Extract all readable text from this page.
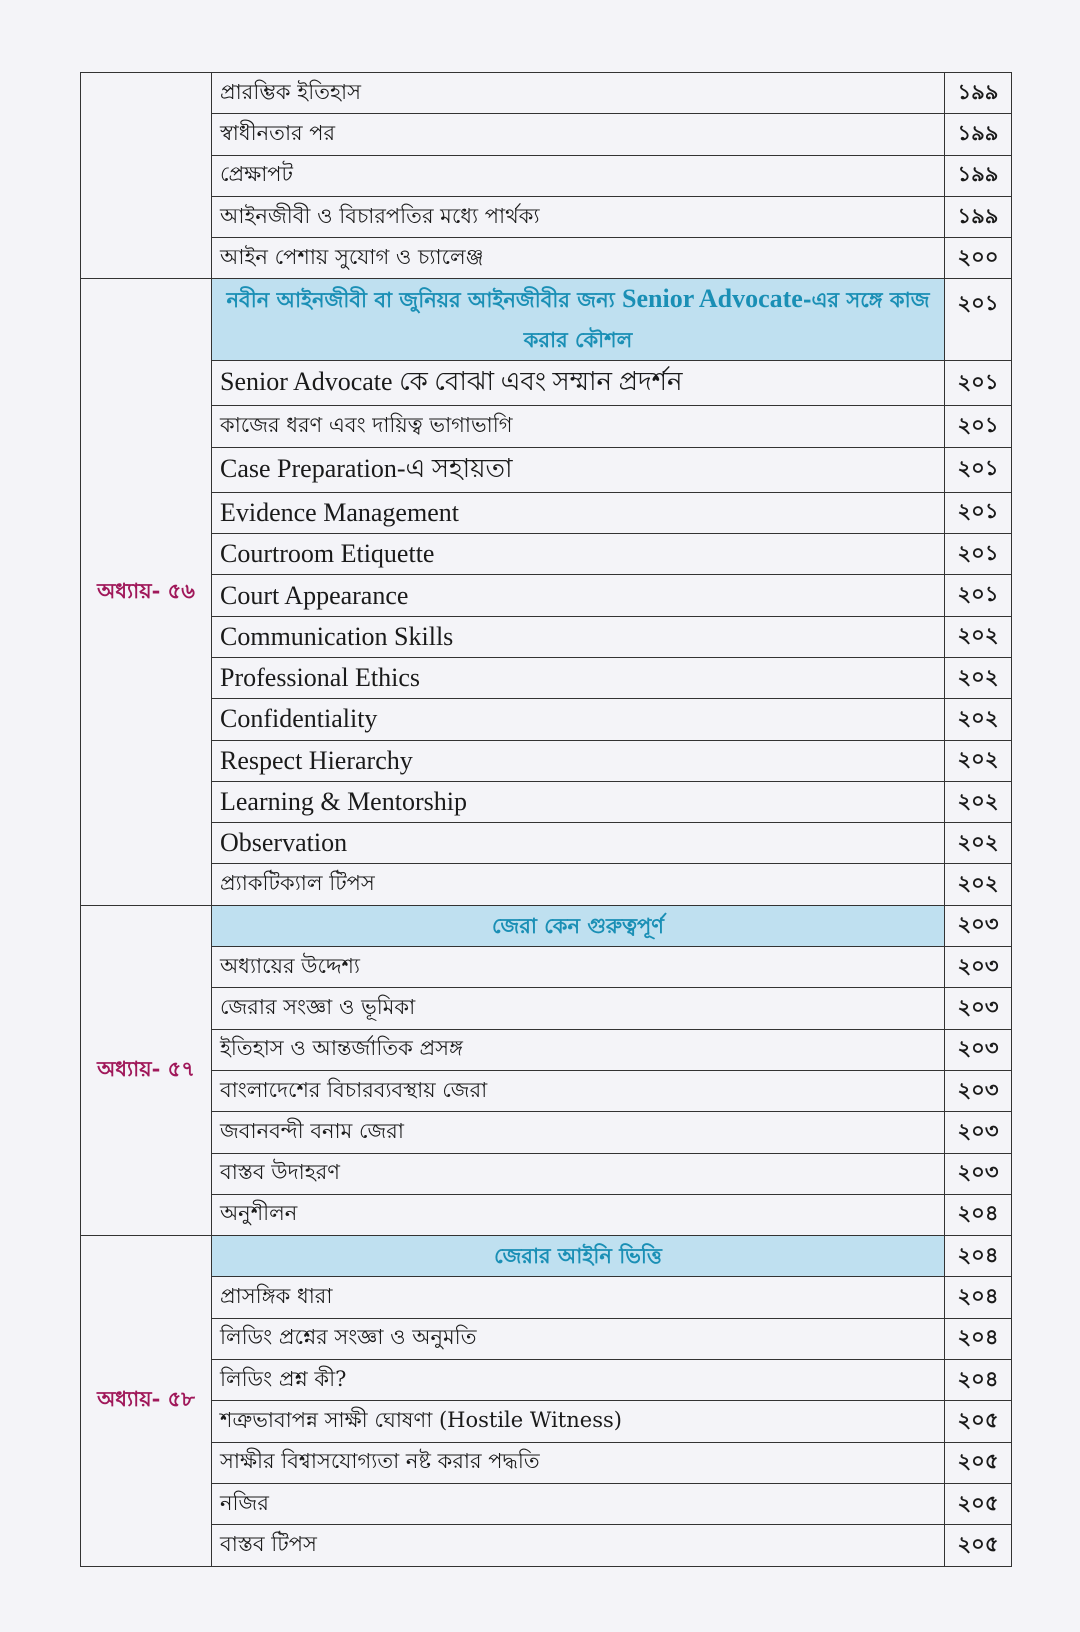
	প্রারম্ভিক ইতিহাস	১৯৯
	স্বাধীনতার পর	১৯৯
	প্রেক্ষাপট	১৯৯
	আইনজীবী ও বিচারপতির মধ্যে পার্থক্য	১৯৯
	আইন পেশায় সুযোগ ও চ্যালেঞ্জ	২০০
অধ্যায়- ৫৬	নবীন আইনজীবী বা জুনিয়র আইনজীবীর জন্য Senior Advocate-এর সঙ্গে কাজ করার কৌশল	২০১
	Senior Advocate কে বোঝা এবং সম্মান প্রদর্শন	২০১
	কাজের ধরণ এবং দায়িত্ব ভাগাভাগি	২০১
	Case Preparation-এ সহায়তা	২০১
	Evidence Management	২০১
	Courtroom Etiquette	২০১
	Court Appearance	২০১
	Communication Skills	২০২
	Professional Ethics	২০২
	Confidentiality	২০২
	Respect Hierarchy	২০২
	Learning & Mentorship	২০২
	Observation	২০২
	প্র্যাকটিক্যাল টিপস	২০২
অধ্যায়- ৫৭	জেরা কেন গুরুত্বপূর্ণ	২০৩
	অধ্যায়ের উদ্দেশ্য	২০৩
	জেরার সংজ্ঞা ও ভূমিকা	২০৩
	ইতিহাস ও আন্তর্জাতিক প্রসঙ্গ	২০৩
	বাংলাদেশের বিচারব্যবস্থায় জেরা	২০৩
	জবানবন্দী বনাম জেরা	২০৩
	বাস্তব উদাহরণ	২০৩
	অনুশীলন	২০৪
অধ্যায়- ৫৮	জেরার আইনি ভিত্তি	২০৪
	প্রাসঙ্গিক ধারা	২০৪
	লিডিং প্রশ্নের সংজ্ঞা ও অনুমতি	২০৪
	লিডিং প্রশ্ন কী?	২০৪
	শত্রুভাবাপন্ন সাক্ষী ঘোষণা (Hostile Witness)	২০৫
	সাক্ষীর বিশ্বাসযোগ্যতা নষ্ট করার পদ্ধতি	২০৫
	নজির	২০৫
	বাস্তব টিপস	২০৫
